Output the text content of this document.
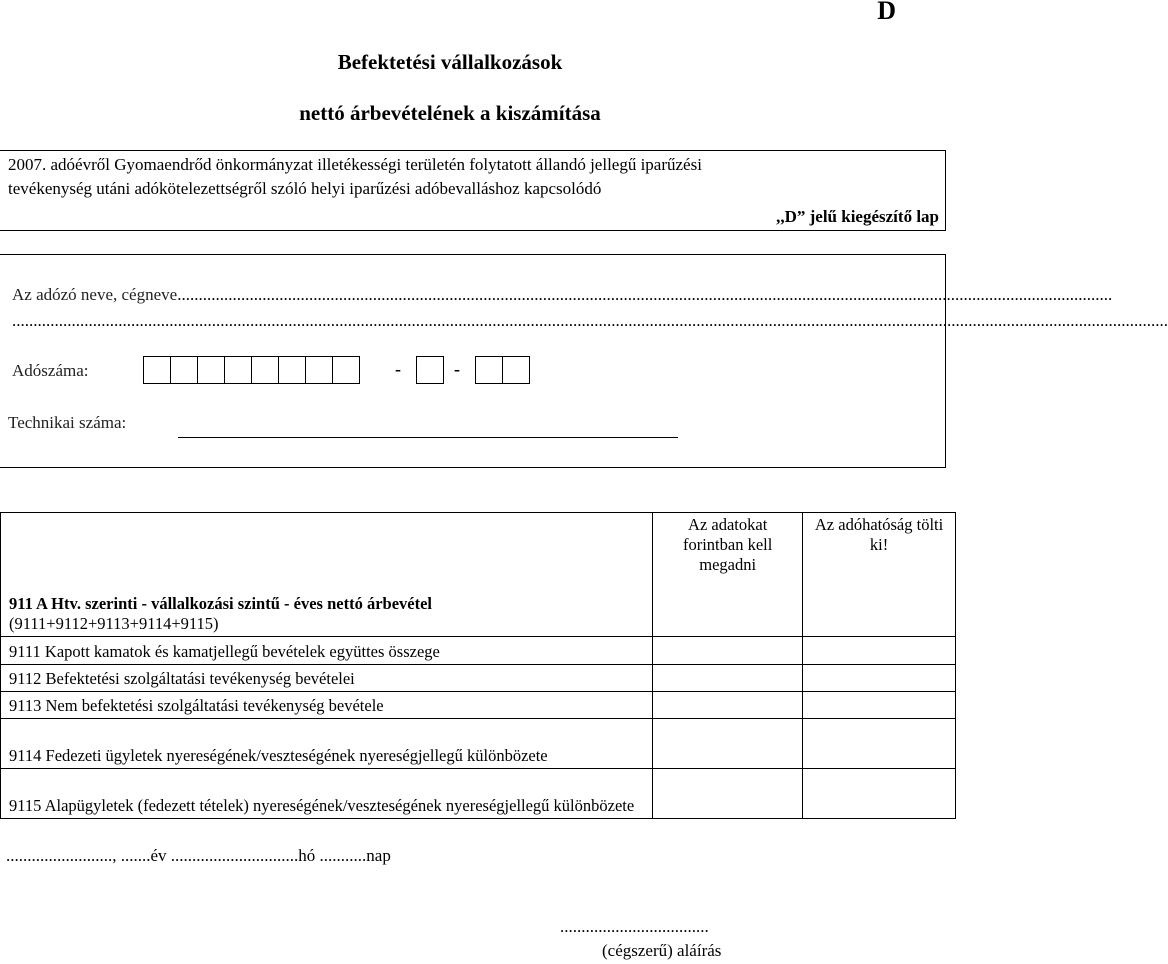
D
Befektetési vállalkozások
nettó árbevételének a kiszámítása
2007. adóévről Gyomaendrőd önkormányzat illetékességi területén folytatott állandó jellegű iparűzési
tevékenység utáni adókötelezettségről szóló helyi iparűzési adóbevalláshoz kapcsolódó
,,D” jelű kiegészítő lap
Az adózó neve, cégneve............................................................................................................................................................................................................................
................................................................................................................................................................................................................................................................................
Adószáma:	-	-
Technikai száma:
911 A Htv. szerinti - vállalkozási szintű - éves nettó árbevétel
(9111+9112+9113+9114+9115)	Az adatokat forintban kell megadni	Az adóhatóság tölti ki!
9111 Kapott kamatok és kamatjellegű bevételek együttes összege		
9112 Befektetési szolgáltatási tevékenység bevételei		
9113 Nem befektetési szolgáltatási tevékenység bevétele		
9114 Fedezeti ügyletek nyereségének/veszteségének nyereségjellegű különbözete		
9115 Alapügyletek (fedezett tételek) nyereségének/veszteségének nyereségjellegű különbözete		
........................., .......év ..............................hó ...........nap
...................................
(cégszerű) aláírás
